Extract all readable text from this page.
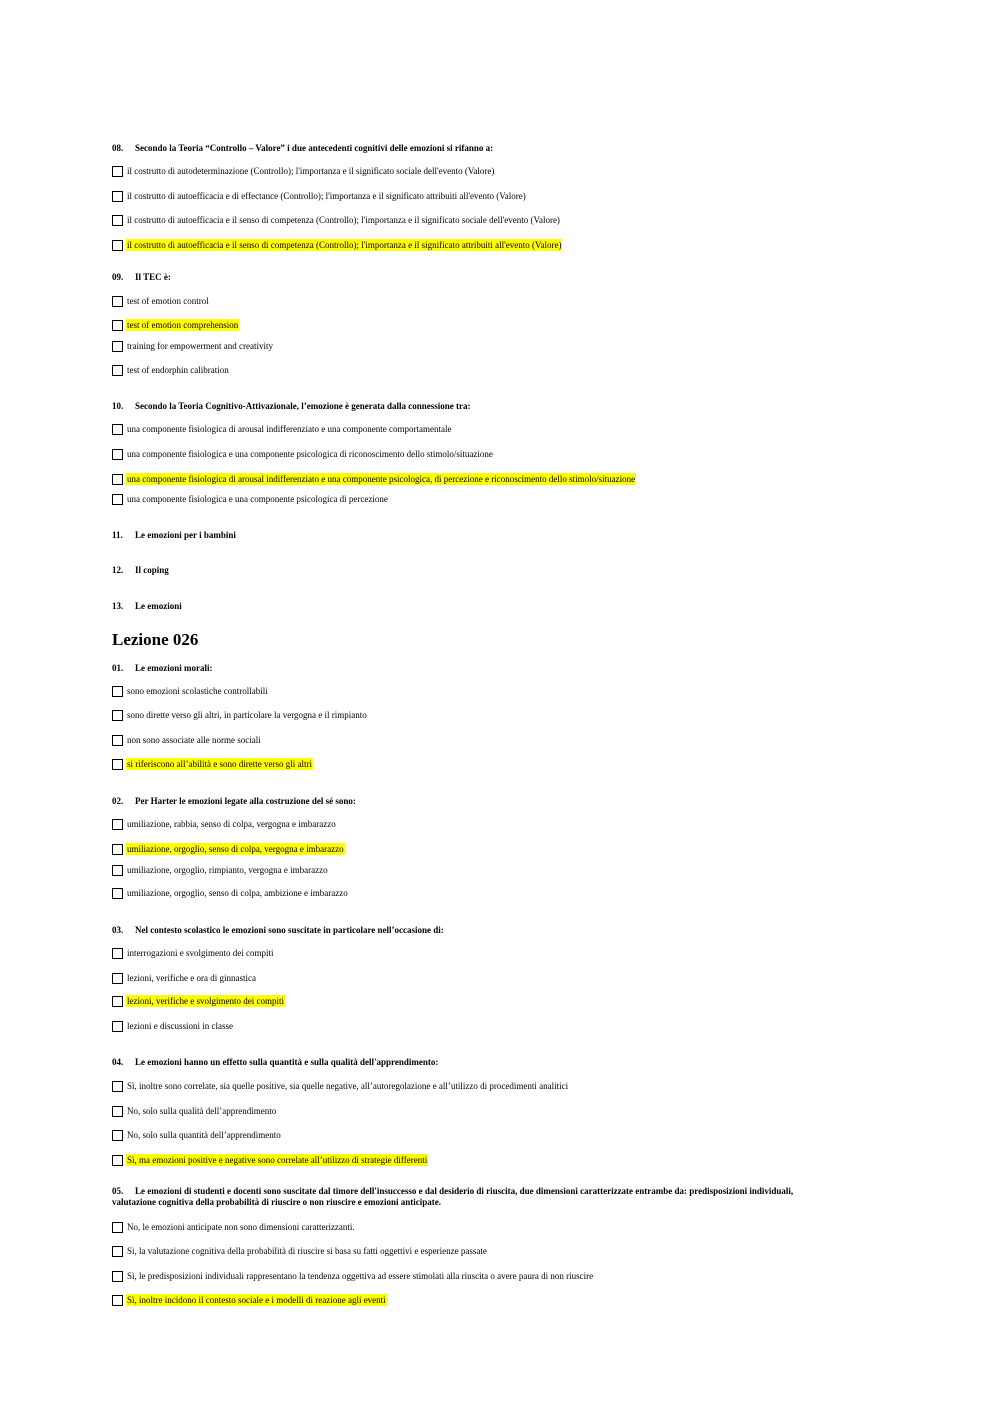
08. Secondo la Teoria “Controllo – Valore” i due antecedenti cognitivi delle emozioni si rifanno a:
il costrutto di autodeterminazione (Controllo); l'importanza e il significato sociale dell'evento (Valore)
il costrutto di autoefficacia e di effectance (Controllo); l'importanza e il significato attribuiti all'evento (Valore)
il costrutto di autoefficacia e il senso di competenza (Controllo); l'importanza e il significato sociale dell'evento (Valore)
il costrutto di autoefficacia e il senso di competenza (Controllo); l'importanza e il significato attribuiti all'evento (Valore)
09. Il TEC è:
test of emotion control
test of emotion comprehension
training for empowerment and creativity
test of endorphin calibration
10. Secondo la Teoria Cognitivo-Attivazionale, l’emozione è generata dalla connessione tra:
una componente fisiologica di arousal indifferenziato e una componente comportamentale
una componente fisiologica e una componente psicologica di riconoscimento dello stimolo/situazione
una componente fisiologica di arousal indifferenziato e una componente psicologica, di percezione e riconoscimento dello stimolo/situazione
una componente fisiologica e una componente psicologica di percezione
11. Le emozioni per i bambini
12. Il coping
13. Le emozioni
Lezione 026
01. Le emozioni morali:
sono emozioni scolastiche controllabili
sono dirette verso gli altri, in particolare la vergogna e il rimpianto
non sono associate alle norme sociali
si riferiscono all’abilità e sono dirette verso gli altri
02. Per Harter le emozioni legate alla costruzione del sé sono:
umiliazione, rabbia, senso di colpa, vergogna e imbarazzo
umiliazione, orgoglio, senso di colpa, vergogna e imbarazzo
umiliazione, orgoglio, rimpianto, vergogna e imbarazzo
umiliazione, orgoglio, senso di colpa, ambizione e imbarazzo
03. Nel contesto scolastico le emozioni sono suscitate in particolare nell’occasione di:
interrogazioni e svolgimento dei compiti
lezioni, verifiche e ora di ginnastica
lezioni, verifiche e svolgimento dei compiti
lezioni e discussioni in classe
04. Le emozioni hanno un effetto sulla quantità e sulla qualità dell'apprendimento:
Sì, inoltre sono correlate, sia quelle positive, sia quelle negative, all’autoregolazione e all’utilizzo di procedimenti analitici
No, solo sulla qualità dell’apprendimento
No, solo sulla quantità dell’apprendimento
Sì, ma emozioni positive e negative sono correlate all’utilizzo di strategie differenti
05. Le emozioni di studenti e docenti sono suscitate dal timore dell'insuccesso e dal desiderio di riuscita, due dimensioni caratterizzate entrambe da: predisposizioni individuali, valutazione cognitiva della probabilità di riuscire o non riuscire e emozioni anticipate.
No, le emozioni anticipate non sono dimensioni caratterizzanti.
Sì, la valutazione cognitiva della probabilità di riuscire si basa su fatti oggettivi e esperienze passate
Sì, le predisposizioni individuali rappresentano la tendenza oggettiva ad essere stimolati alla riuscita o avere paura di non riuscire
Sì, inoltre incidono il contesto sociale e i modelli di reazione agli eventi
